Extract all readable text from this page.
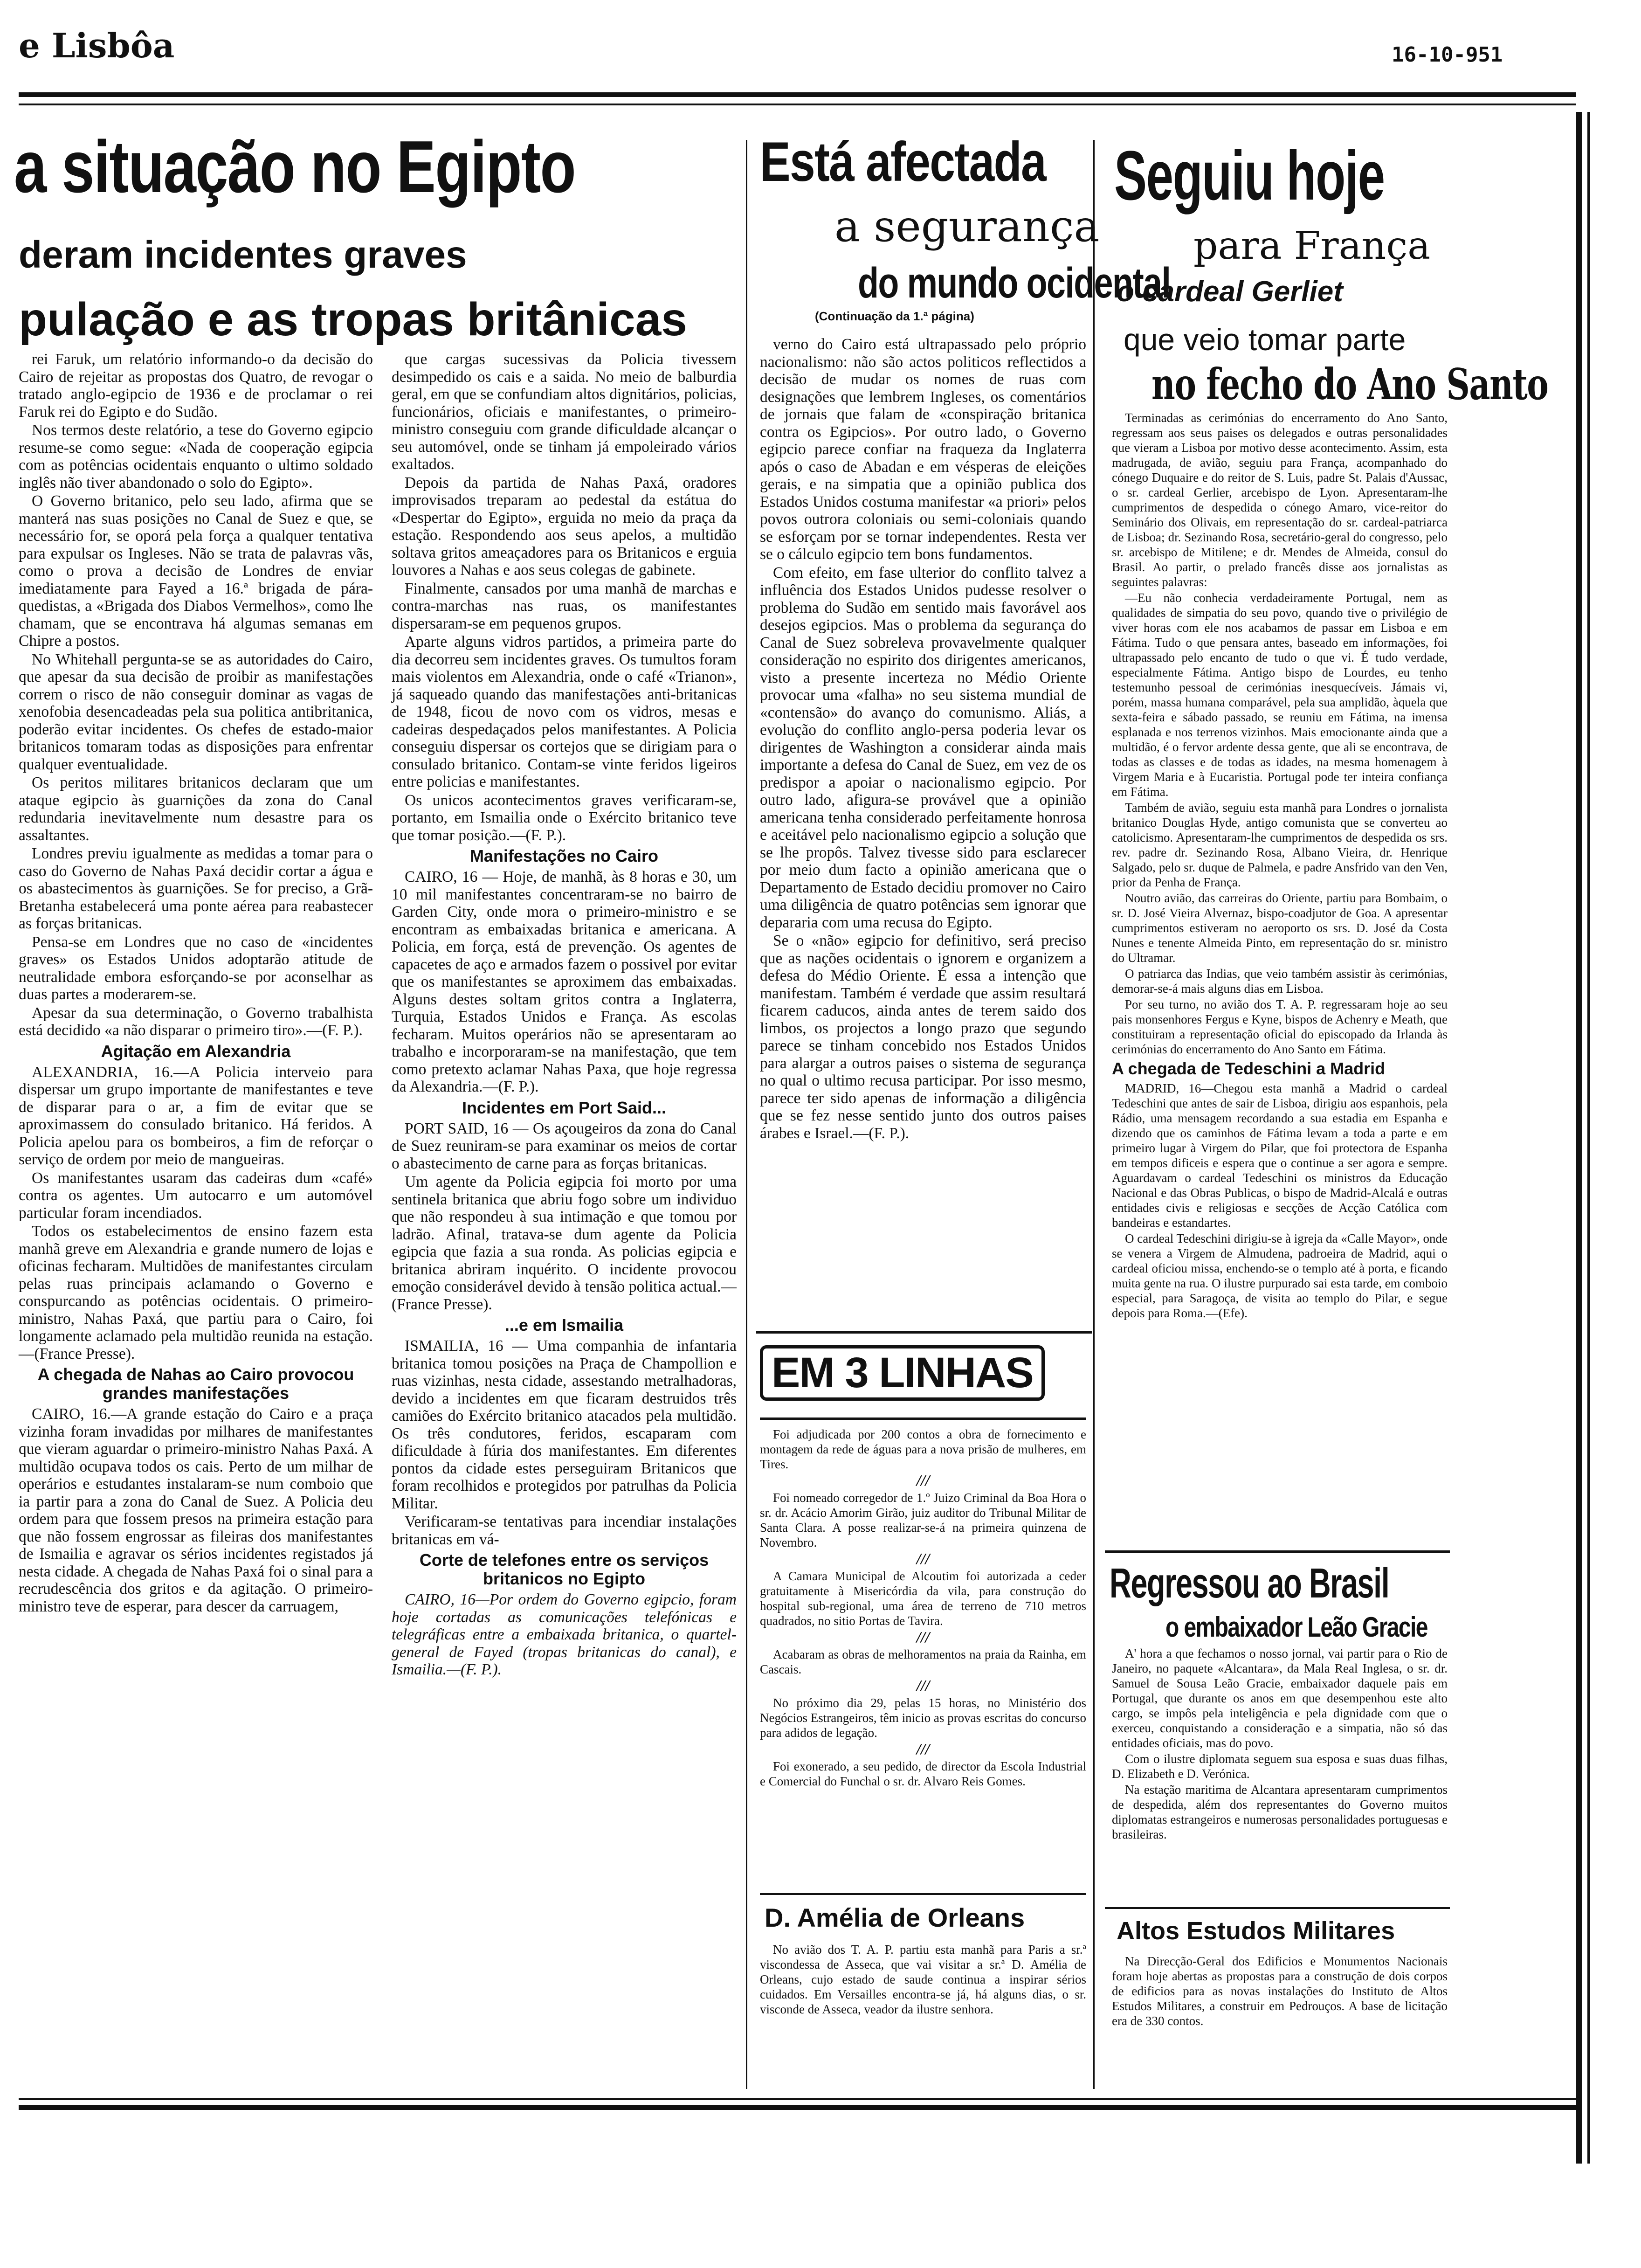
e Lisbôa	16-10-951
a situação no Egipto
deram incidentes graves
pulação e as tropas britânicas

rei Faruk, um relatório informando-o da decisão do Cairo de rejeitar as propostas dos Quatro, de revogar o tratado anglo-egipcio de 1936 e de proclamar o rei Faruk rei do Egipto e do Sudão.

Nos termos deste relatório, a tese do Governo egipcio resume-se como segue: «Nada de cooperação egipcia com as potências ocidentais enquanto o ultimo soldado inglês não tiver abandonado o solo do Egipto».

O Governo britanico, pelo seu lado, afirma que se manterá nas suas posições no Canal de Suez e que, se necessário for, se oporá pela força a qualquer tentativa para expulsar os Ingleses. Não se trata de palavras vãs, como o prova a decisão de Londres de enviar imediatamente para Fayed a 16.ª brigada de pára-quedistas, a «Brigada dos Diabos Vermelhos», como lhe chamam, que se encontrava há algumas semanas em Chipre a postos.

No Whitehall pergunta-se se as autoridades do Cairo, que apesar da sua decisão de proibir as manifestações correm o risco de não conseguir dominar as vagas de xenofobia desencadeadas pela sua politica antibritanica, poderão evitar incidentes. Os chefes de estado-maior britanicos tomaram todas as disposições para enfrentar qualquer eventualidade.

Os peritos militares britanicos declaram que um ataque egipcio às guarnições da zona do Canal redundaria inevitavelmente num desastre para os assaltantes.

Londres previu igualmente as medidas a tomar para o caso do Governo de Nahas Paxá decidir cortar a água e os abastecimentos às guarnições. Se for preciso, a Grã-Bretanha estabelecerá uma ponte aérea para reabastecer as forças britanicas.

Pensa-se em Londres que no caso de «incidentes graves» os Estados Unidos adoptarão atitude de neutralidade embora esforçando-se por aconselhar as duas partes a moderarem-se.

Apesar da sua determinação, o Governo trabalhista está decidido «a não disparar o primeiro tiro».—(F. P.).

Agitação em Alexandria

ALEXANDRIA, 16.—A Policia interveio para dispersar um grupo importante de manifestantes e teve de disparar para o ar, a fim de evitar que se aproximassem do consulado britanico. Há feridos. A Policia apelou para os bombeiros, a fim de reforçar o serviço de ordem por meio de mangueiras.

Os manifestantes usaram das cadeiras dum «café» contra os agentes. Um autocarro e um automóvel particular foram incendiados.

Todos os estabelecimentos de ensino fazem esta manhã greve em Alexandria e grande numero de lojas e oficinas fecharam. Multidões de manifestantes circulam pelas ruas principais aclamando o Governo e conspurcando as potências ocidentais. O primeiro-ministro, Nahas Paxá, que partiu para o Cairo, foi longamente aclamado pela multidão reunida na estação.—(France Presse).

A chegada de Nahas ao Cairo provocou grandes manifestações

CAIRO, 16.—A grande estação do Cairo e a praça vizinha foram invadidas por milhares de manifestantes que vieram aguardar o primeiro-ministro Nahas Paxá. A multidão ocupava todos os cais. Perto de um milhar de operários e estudantes instalaram-se num comboio que ia partir para a zona do Canal de Suez. A Policia deu ordem para que fossem presos na primeira estação para que não fossem engrossar as fileiras dos manifestantes de Ismailia e agravar os sérios incidentes registados já nesta cidade. A chegada de Nahas Paxá foi o sinal para a recrudescência dos gritos e da agitação. O primeiro-ministro teve de esperar, para descer da carruagem,

que cargas sucessivas da Policia tivessem desimpedido os cais e a saida. No meio de balburdia geral, em que se confundiam altos dignitários, policias, funcionários, oficiais e manifestantes, o primeiro-ministro conseguiu com grande dificuldade alcançar o seu automóvel, onde se tinham já empoleirado vários exaltados.

Depois da partida de Nahas Paxá, oradores improvisados treparam ao pedestal da estátua do «Despertar do Egipto», erguida no meio da praça da estação. Respondendo aos seus apelos, a multidão soltava gritos ameaçadores para os Britanicos e erguia louvores a Nahas e aos seus colegas de gabinete.

Finalmente, cansados por uma manhã de marchas e contra-marchas nas ruas, os manifestantes dispersaram-se em pequenos grupos.

Aparte alguns vidros partidos, a primeira parte do dia decorreu sem incidentes graves. Os tumultos foram mais violentos em Alexandria, onde o café «Trianon», já saqueado quando das manifestações anti-britanicas de 1948, ficou de novo com os vidros, mesas e cadeiras despedaçados pelos manifestantes. A Policia conseguiu dispersar os cortejos que se dirigiam para o consulado britanico. Contam-se vinte feridos ligeiros entre policias e manifestantes.

Os unicos acontecimentos graves verificaram-se, portanto, em Ismailia onde o Exército britanico teve que tomar posição.—(F. P.).

Manifestações no Cairo

CAIRO, 16 — Hoje, de manhã, às 8 horas e 30, um 10 mil manifestantes concentraram-se no bairro de Garden City, onde mora o primeiro-ministro e se encontram as embaixadas britanica e americana. A Policia, em força, está de prevenção. Os agentes de capacetes de aço e armados fazem o possivel por evitar que os manifestantes se aproximem das embaixadas. Alguns destes soltam gritos contra a Inglaterra, Turquia, Estados Unidos e França. As escolas fecharam. Muitos operários não se apresentaram ao trabalho e incorporaram-se na manifestação, que tem como pretexto aclamar Nahas Paxa, que hoje regressa da Alexandria.—(F. P.).

Incidentes em Port Said...

PORT SAID, 16 — Os açougeiros da zona do Canal de Suez reuniram-se para examinar os meios de cortar o abastecimento de carne para as forças britanicas.

Um agente da Policia egipcia foi morto por uma sentinela britanica que abriu fogo sobre um individuo que não respondeu à sua intimação e que tomou por ladrão. Afinal, tratava-se dum agente da Policia egipcia que fazia a sua ronda. As policias egipcia e britanica abriram inquérito. O incidente provocou emoção considerável devido à tensão politica actual.—(France Presse).

...e em Ismailia

ISMAILIA, 16 — Uma companhia de infantaria britanica tomou posições na Praça de Champollion e ruas vizinhas, nesta cidade, assestando metralhadoras, devido a incidentes em que ficaram destruidos três camiões do Exército britanico atacados pela multidão. Os três condutores, feridos, escaparam com dificuldade à fúria dos manifestantes. Em diferentes pontos da cidade estes perseguiram Britanicos que foram recolhidos e protegidos por patrulhas da Policia Militar.

Verificaram-se tentativas para incendiar instalações britanicas em vá-

Corte de telefones entre os serviços britanicos no Egipto

CAIRO, 16—Por ordem do Governo egipcio, foram hoje cortadas as comunicações telefónicas e telegráficas entre a embaixada britanica, o quartel-general de Fayed (tropas britanicas do canal), e Ismailia.—(F. P.).

Está afectada
a segurança
do mundo ocidental
(Continuação da 1.ª página)

verno do Cairo está ultrapassado pelo próprio nacionalismo: não são actos politicos reflectidos a decisão de mudar os nomes de ruas com designações que lembrem Ingleses, os comentários de jornais que falam de «conspiração britanica contra os Egipcios». Por outro lado, o Governo egipcio parece confiar na fraqueza da Inglaterra após o caso de Abadan e em vésperas de eleições gerais, e na simpatia que a opinião publica dos Estados Unidos costuma manifestar «a priori» pelos povos outrora coloniais ou semi-coloniais quando se esforçam por se tornar independentes. Resta ver se o cálculo egipcio tem bons fundamentos.

Com efeito, em fase ulterior do conflito talvez a influência dos Estados Unidos pudesse resolver o problema do Sudão em sentido mais favorável aos desejos egipcios. Mas o problema da segurança do Canal de Suez sobreleva provavelmente qualquer consideração no espirito dos dirigentes americanos, visto a presente incerteza no Médio Oriente provocar uma «falha» no seu sistema mundial de «contensão» do avanço do comunismo. Aliás, a evolução do conflito anglo-persa poderia levar os dirigentes de Washington a considerar ainda mais importante a defesa do Canal de Suez, em vez de os predispor a apoiar o nacionalismo egipcio. Por outro lado, afigura-se provável que a opinião americana tenha considerado perfeitamente honrosa e aceitável pelo nacionalismo egipcio a solução que se lhe propôs. Talvez tivesse sido para esclarecer por meio dum facto a opinião americana que o Departamento de Estado decidiu promover no Cairo uma diligência de quatro potências sem ignorar que depararia com uma recusa do Egipto.

Se o «não» egipcio for definitivo, será preciso que as nações ocidentais o ignorem e organizem a defesa do Médio Oriente. É essa a intenção que manifestam. Também é verdade que assim resultará ficarem caducos, ainda antes de terem saido dos limbos, os projectos a longo prazo que segundo parece se tinham concebido nos Estados Unidos para alargar a outros paises o sistema de segurança no qual o ultimo recusa participar. Por isso mesmo, parece ter sido apenas de informação a diligência que se fez nesse sentido junto dos outros paises árabes e Israel.—(F. P.).

EM 3 LINHAS

Foi adjudicada por 200 contos a obra de fornecimento e montagem da rede de águas para a nova prisão de mulheres, em Tires.

///

Foi nomeado corregedor de 1.º Juizo Criminal da Boa Hora o sr. dr. Acácio Amorim Girão, juiz auditor do Tribunal Militar de Santa Clara. A posse realizar-se-á na primeira quinzena de Novembro.

///

A Camara Municipal de Alcoutim foi autorizada a ceder gratuitamente à Misericórdia da vila, para construção do hospital sub-regional, uma área de terreno de 710 metros quadrados, no sitio Portas de Tavira.

///

Acabaram as obras de melhoramentos na praia da Rainha, em Cascais.

///

No próximo dia 29, pelas 15 horas, no Ministério dos Negócios Estrangeiros, têm inicio as provas escritas do concurso para adidos de legação.

///

Foi exonerado, a seu pedido, de director da Escola Industrial e Comercial do Funchal o sr. dr. Alvaro Reis Gomes.

D. Amélia de Orleans

No avião dos T. A. P. partiu esta manhã para Paris a sr.ª viscondessa de Asseca, que vai visitar a sr.ª D. Amélia de Orleans, cujo estado de saude continua a inspirar sérios cuidados. Em Versailles encontra-se já, há alguns dias, o sr. visconde de Asseca, veador da ilustre senhora.

Seguiu hoje
para França
o cardeal Gerliet
que veio tomar parte
no fecho do Ano Santo

Terminadas as cerimónias do encerramento do Ano Santo, regressam aos seus paises os delegados e outras personalidades que vieram a Lisboa por motivo desse acontecimento. Assim, esta madrugada, de avião, seguiu para França, acompanhado do cónego Duquaire e do reitor de S. Luis, padre St. Palais d'Aussac, o sr. cardeal Gerlier, arcebispo de Lyon. Apresentaram-lhe cumprimentos de despedida o cónego Amaro, vice-reitor do Seminário dos Olivais, em representação do sr. cardeal-patriarca de Lisboa; dr. Sezinando Rosa, secretário-geral do congresso, pelo sr. arcebispo de Mitilene; e dr. Mendes de Almeida, consul do Brasil. Ao partir, o prelado francês disse aos jornalistas as seguintes palavras:

—Eu não conhecia verdadeiramente Portugal, nem as qualidades de simpatia do seu povo, quando tive o privilégio de viver horas com ele nos acabamos de passar em Lisboa e em Fátima. Tudo o que pensara antes, baseado em informações, foi ultrapassado pelo encanto de tudo o que vi. É tudo verdade, especialmente Fátima. Antigo bispo de Lourdes, eu tenho testemunho pessoal de cerimónias inesquecíveis. Jámais vi, porém, massa humana comparável, pela sua amplidão, àquela que sexta-feira e sábado passado, se reuniu em Fátima, na imensa esplanada e nos terrenos vizinhos. Mais emocionante ainda que a multidão, é o fervor ardente dessa gente, que ali se encontrava, de todas as classes e de todas as idades, na mesma homenagem à Virgem Maria e à Eucaristia. Portugal pode ter inteira confiança em Fátima.

Também de avião, seguiu esta manhã para Londres o jornalista britanico Douglas Hyde, antigo comunista que se converteu ao catolicismo. Apresentaram-lhe cumprimentos de despedida os srs. rev. padre dr. Sezinando Rosa, Albano Vieira, dr. Henrique Salgado, pelo sr. duque de Palmela, e padre Ansfrido van den Ven, prior da Penha de França.

Noutro avião, das carreiras do Oriente, partiu para Bombaim, o sr. D. José Vieira Alvernaz, bispo-coadjutor de Goa. A apresentar cumprimentos estiveram no aeroporto os srs. D. José da Costa Nunes e tenente Almeida Pinto, em representação do sr. ministro do Ultramar.

O patriarca das Indias, que veio também assistir às cerimónias, demorar-se-á mais alguns dias em Lisboa.

Por seu turno, no avião dos T. A. P. regressaram hoje ao seu pais monsenhores Fergus e Kyne, bispos de Achenry e Meath, que constituiram a representação oficial do episcopado da Irlanda às cerimónias do encerramento do Ano Santo em Fátima.

A chegada de Tedeschini a Madrid

MADRID, 16—Chegou esta manhã a Madrid o cardeal Tedeschini que antes de sair de Lisboa, dirigiu aos espanhois, pela Rádio, uma mensagem recordando a sua estadia em Espanha e dizendo que os caminhos de Fátima levam a toda a parte e em primeiro lugar à Virgem do Pilar, que foi protectora de Espanha em tempos dificeis e espera que o continue a ser agora e sempre. Aguardavam o cardeal Tedeschini os ministros da Educação Nacional e das Obras Publicas, o bispo de Madrid-Alcalá e outras entidades civis e religiosas e secções de Acção Católica com bandeiras e estandartes.

O cardeal Tedeschini dirigiu-se à igreja da «Calle Mayor», onde se venera a Virgem de Almudena, padroeira de Madrid, aqui o cardeal oficiou missa, enchendo-se o templo até à porta, e ficando muita gente na rua. O ilustre purpurado sai esta tarde, em comboio especial, para Saragoça, de visita ao templo do Pilar, e segue depois para Roma.—(Efe).

Regressou ao Brasil
o embaixador Leão Gracie

A' hora a que fechamos o nosso jornal, vai partir para o Rio de Janeiro, no paquete «Alcantara», da Mala Real Inglesa, o sr. dr. Samuel de Sousa Leão Gracie, embaixador daquele pais em Portugal, que durante os anos em que desempenhou este alto cargo, se impôs pela inteligência e pela dignidade com que o exerceu, conquistando a consideração e a simpatia, não só das entidades oficiais, mas do povo.

Com o ilustre diplomata seguem sua esposa e suas duas filhas, D. Elizabeth e D. Verónica.

Na estação maritima de Alcantara apresentaram cumprimentos de despedida, além dos representantes do Governo muitos diplomatas estrangeiros e numerosas personalidades portuguesas e brasileiras.

Altos Estudos Militares

Na Direcção-Geral dos Edificios e Monumentos Nacionais foram hoje abertas as propostas para a construção de dois corpos de edificios para as novas instalações do Instituto de Altos Estudos Militares, a construir em Pedrouços. A base de licitação era de 330 contos.
